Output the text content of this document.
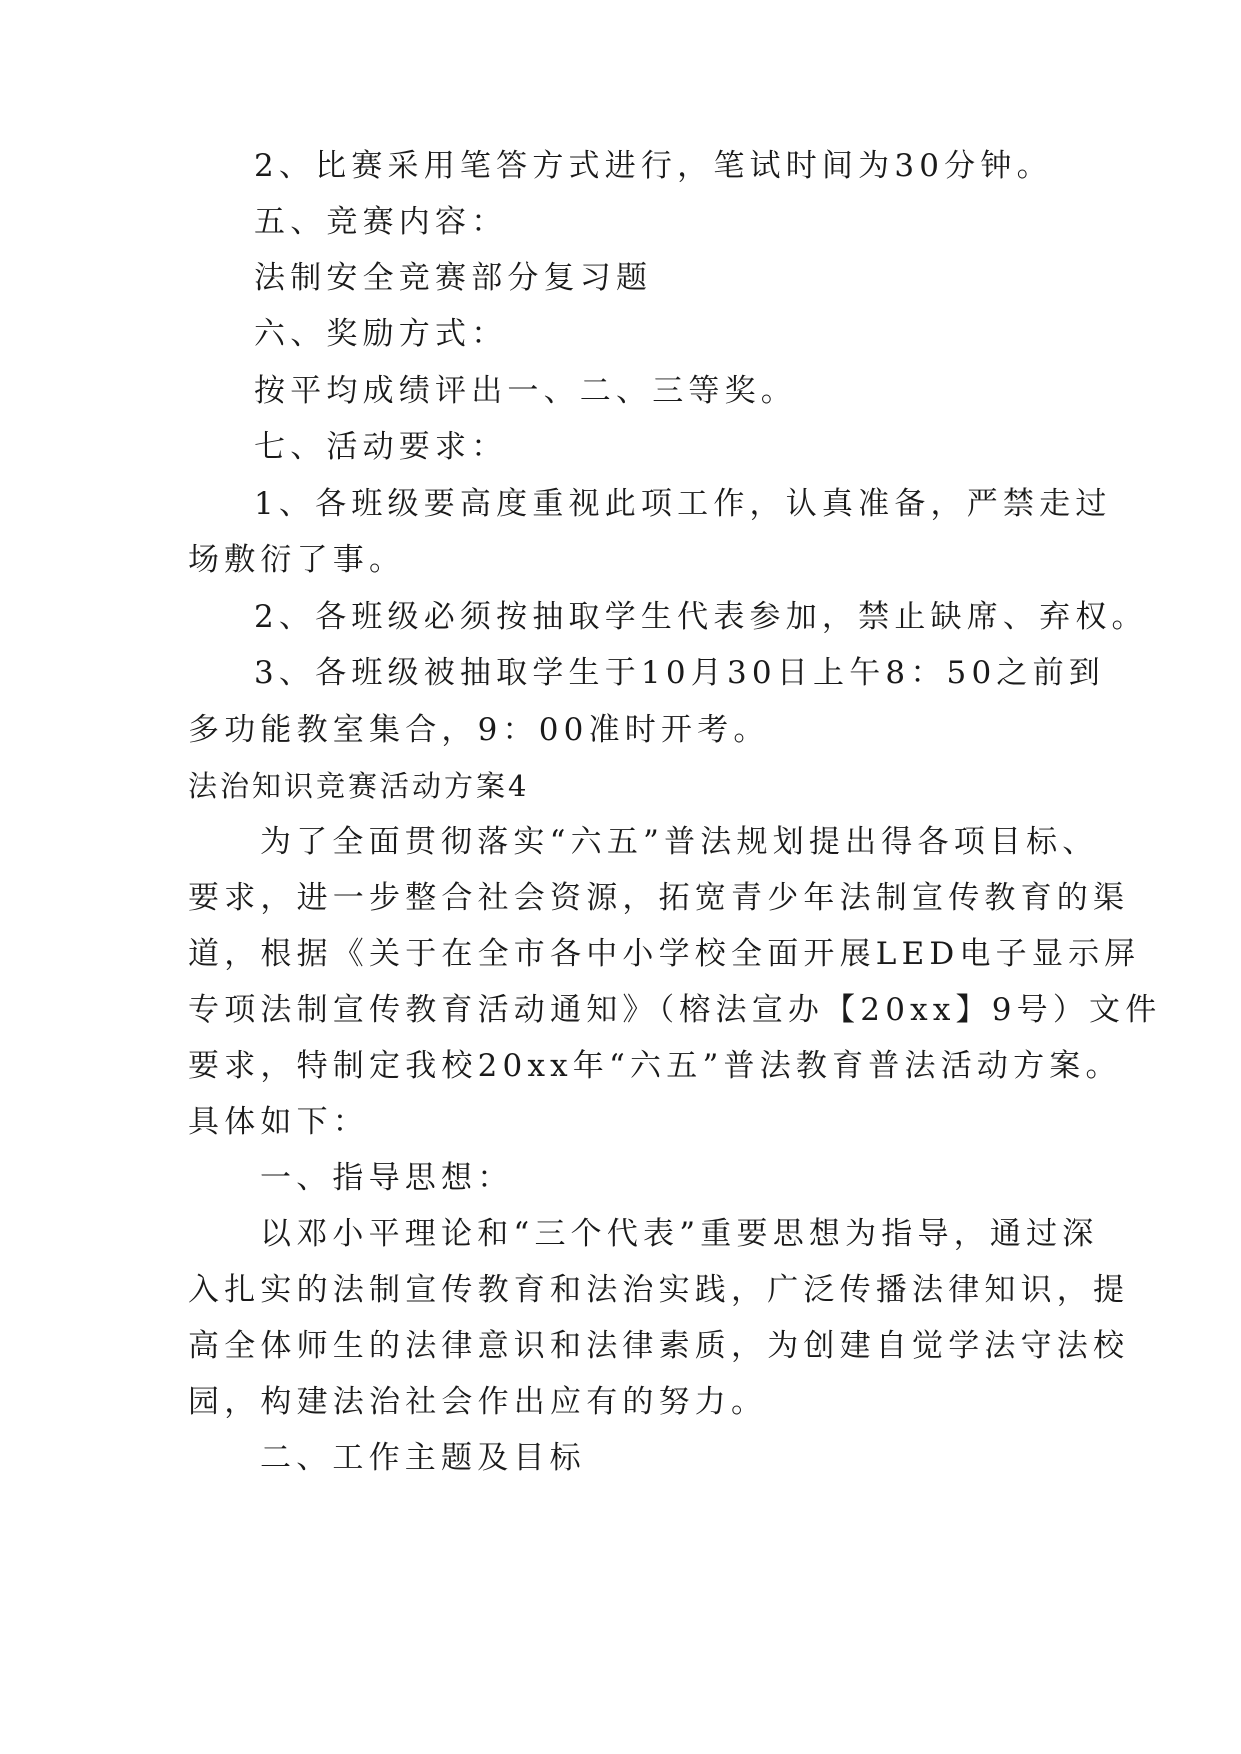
2、比赛采用笔答方式进行，笔试时间为30分钟。
五、竞赛内容：
法制安全竞赛部分复习题
六、奖励方式：
按平均成绩评出一、二、三等奖。
七、活动要求：
1、各班级要高度重视此项工作，认真准备，严禁走过
场敷衍了事。
2、各班级必须按抽取学生代表参加，禁止缺席、弃权。
3、各班级被抽取学生于10月30日上午8：50之前到
多功能教室集合，9：00准时开考。
法治知识竞赛活动方案4
为了全面贯彻落实“六五”普法规划提出得各项目标、
要求，进一步整合社会资源，拓宽青少年法制宣传教育的渠
道，根据《关于在全市各中小学校全面开展LED电子显示屏
专项法制宣传教育活动通知》（榕法宣办【20xx】9号）文件
要求，特制定我校20xx年“六五”普法教育普法活动方案。
具体如下：
一、指导思想：
以邓小平理论和“三个代表”重要思想为指导，通过深
入扎实的法制宣传教育和法治实践，广泛传播法律知识，提
高全体师生的法律意识和法律素质，为创建自觉学法守法校
园，构建法治社会作出应有的努力。
二、工作主题及目标
